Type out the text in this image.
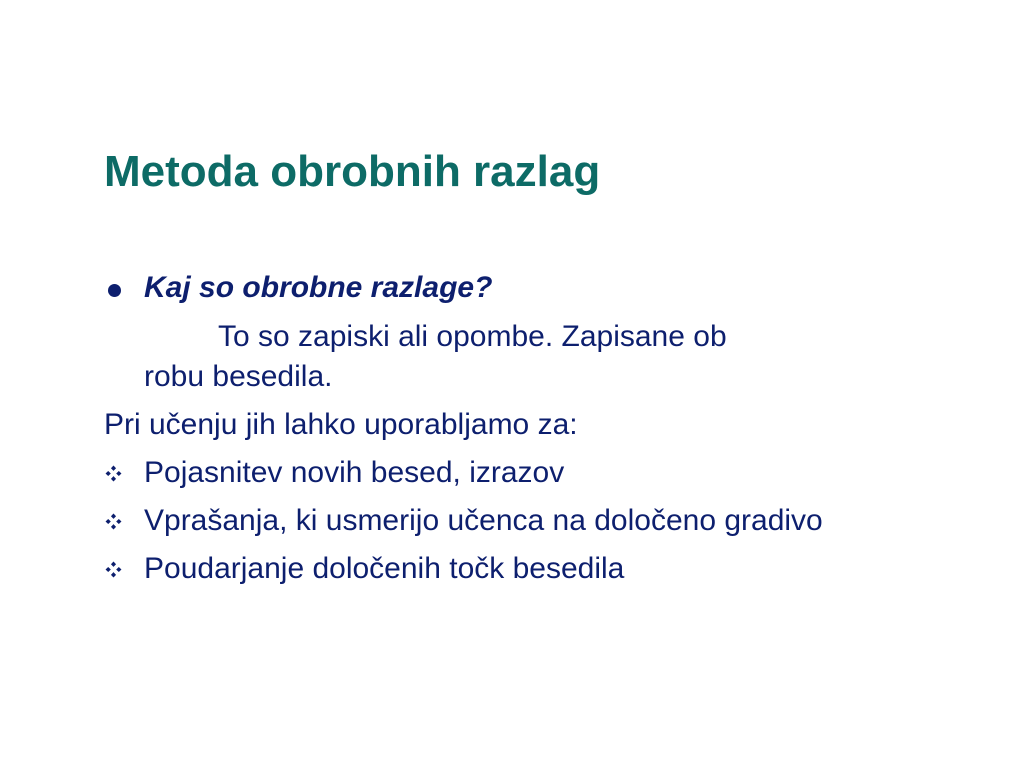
Metoda obrobnih razlag
Kaj so obrobne razlage?
To so zapiski ali opombe. Zapisane ob
robu besedila.
Pri učenju jih lahko uporabljamo za:
Pojasnitev novih besed, izrazov
Vprašanja, ki usmerijo učenca na določeno gradivo
Poudarjanje določenih točk besedila
